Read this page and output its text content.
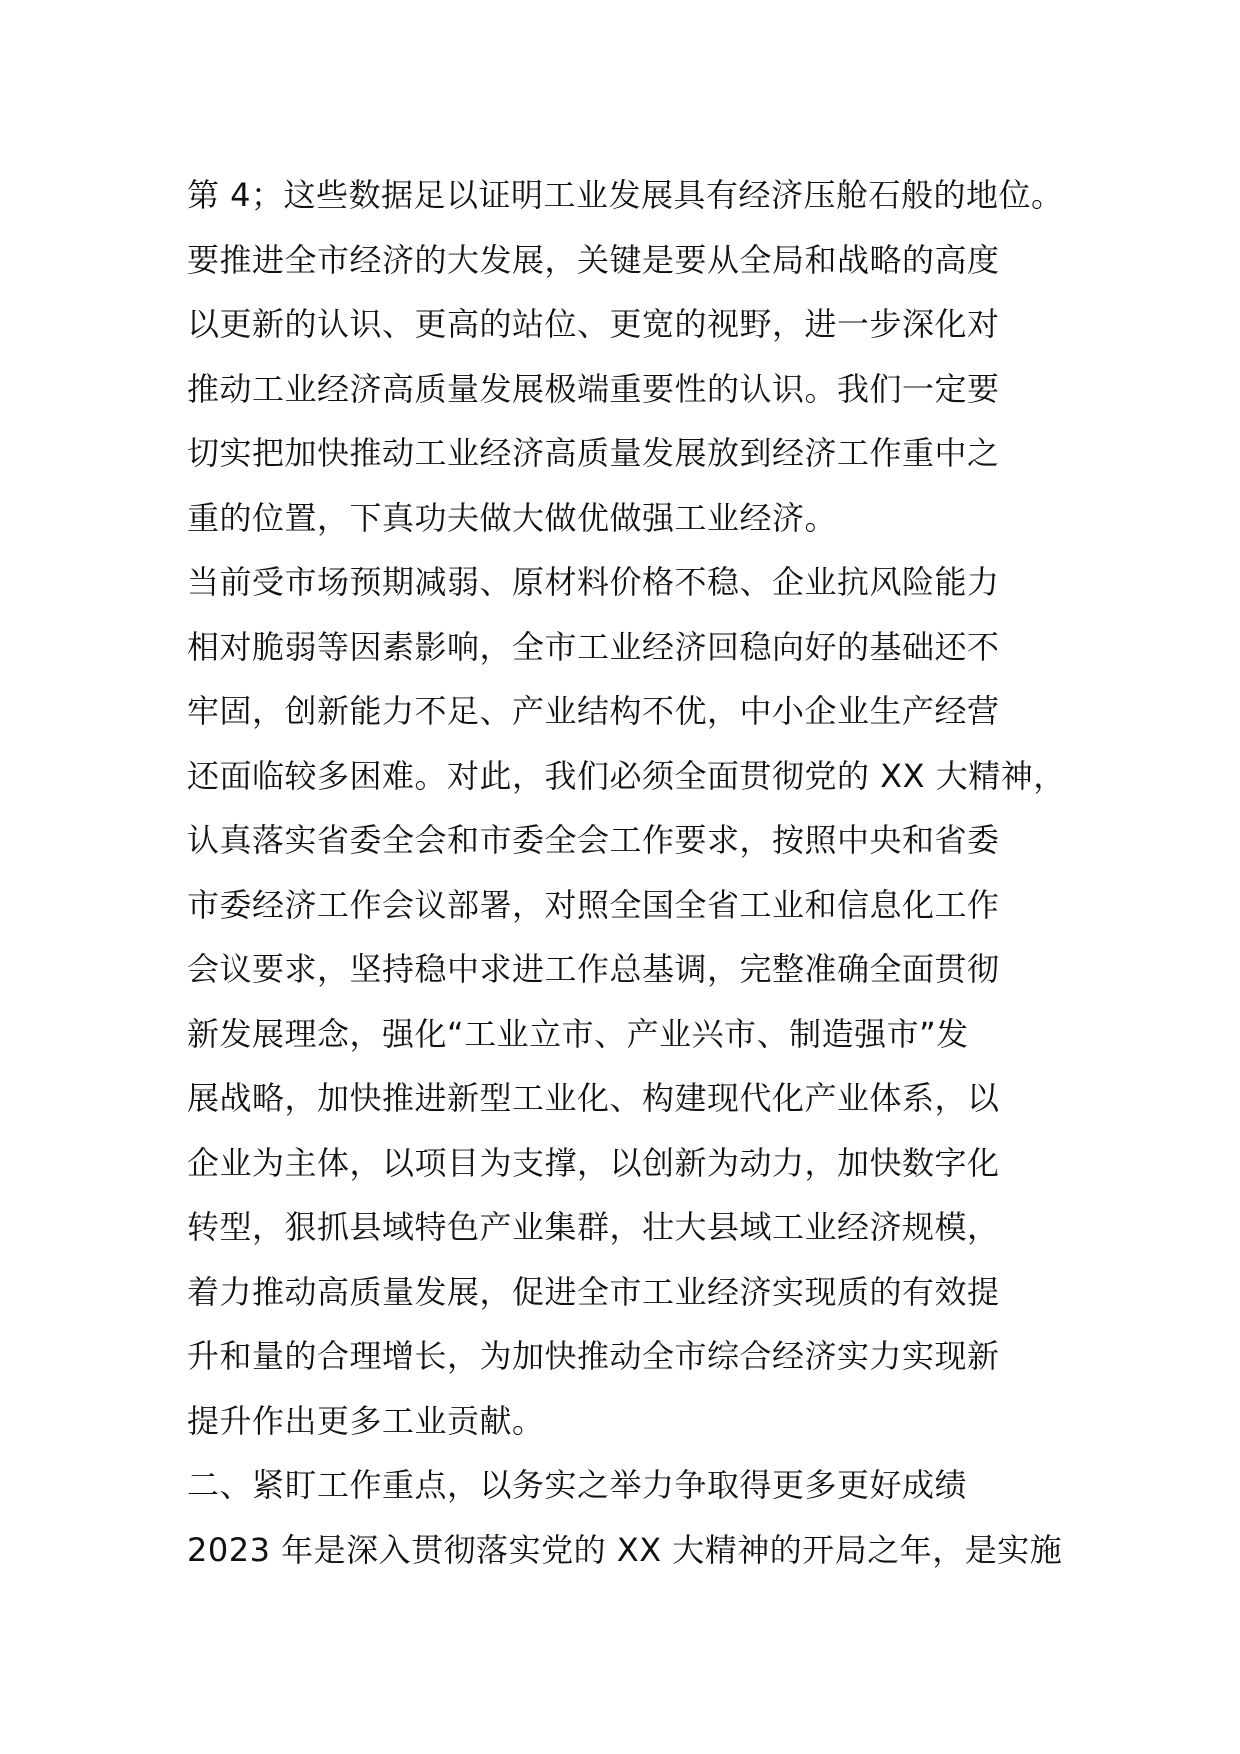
第 4；这些数据足以证明工业发展具有经济压舱石般的地位。
要推进全市经济的大发展，关键是要从全局和战略的高度
以更新的认识、更高的站位、更宽的视野，进一步深化对
推动工业经济高质量发展极端重要性的认识。我们一定要
切实把加快推动工业经济高质量发展放到经济工作重中之
重的位置，下真功夫做大做优做强工业经济。
当前受市场预期减弱、原材料价格不稳、企业抗风险能力
相对脆弱等因素影响，全市工业经济回稳向好的基础还不
牢固，创新能力不足、产业结构不优，中小企业生产经营
还面临较多困难。对此，我们必须全面贯彻党的 XX 大精神，
认真落实省委全会和市委全会工作要求，按照中央和省委
市委经济工作会议部署，对照全国全省工业和信息化工作
会议要求，坚持稳中求进工作总基调，完整准确全面贯彻
新发展理念，强化“工业立市、产业兴市、制造强市”发
展战略，加快推进新型工业化、构建现代化产业体系，以
企业为主体，以项目为支撑，以创新为动力，加快数字化
转型，狠抓县域特色产业集群，壮大县域工业经济规模，
着力推动高质量发展，促进全市工业经济实现质的有效提
升和量的合理增长，为加快推动全市综合经济实力实现新
提升作出更多工业贡献。
二、紧盯工作重点，以务实之举力争取得更多更好成绩
2023 年是深入贯彻落实党的 XX 大精神的开局之年，是实施
